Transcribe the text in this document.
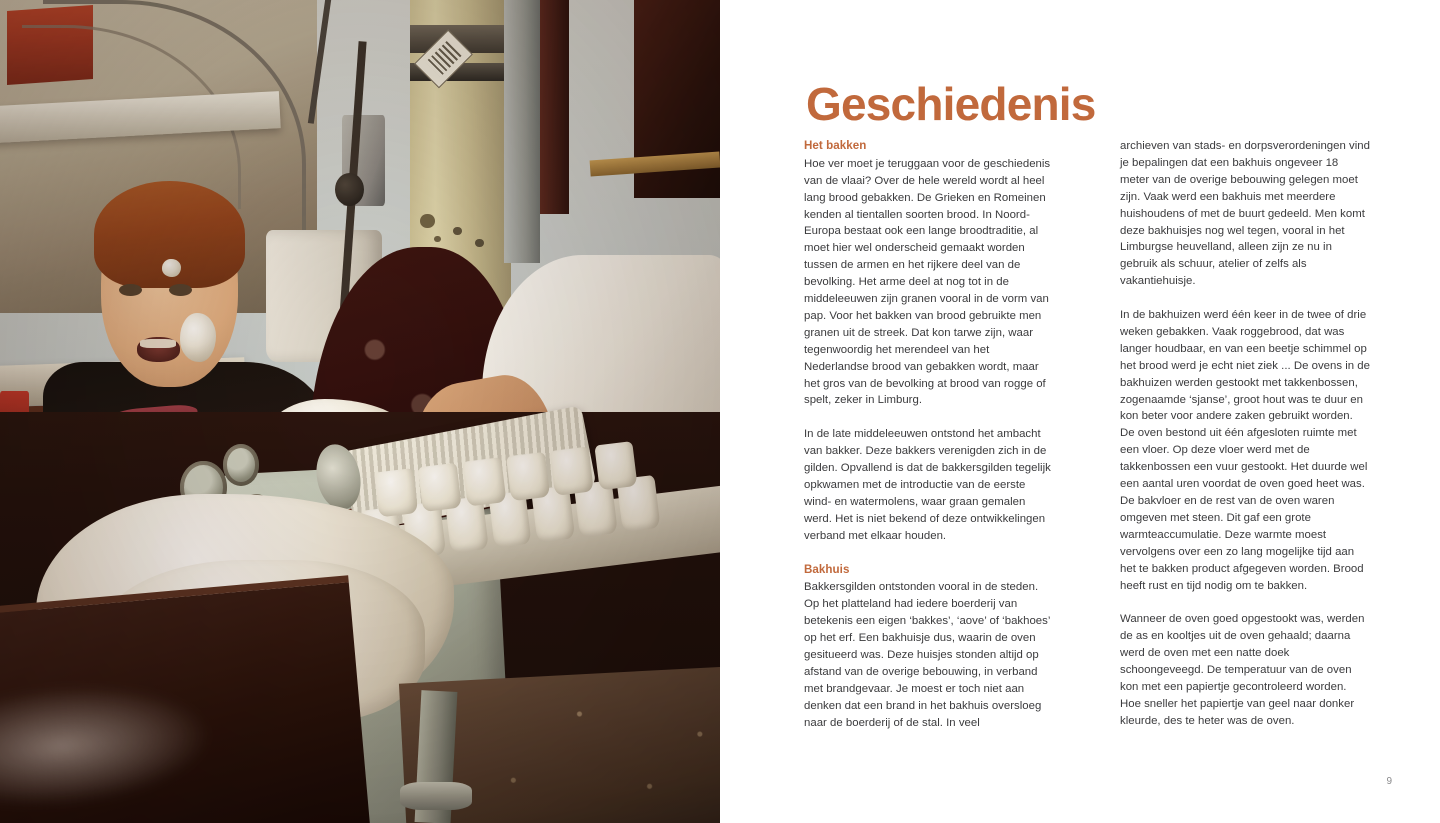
Geschiedenis
Het bakken

Hoe ver moet je teruggaan voor de geschiedenis van de vlaai? Over de hele wereld wordt al heel lang brood gebakken. De Grieken en Romeinen kenden al tientallen soorten brood. In Noord-Europa bestaat ook een lange broodtraditie, al moet hier wel onderscheid gemaakt worden tussen de armen en het rijkere deel van de bevolking. Het arme deel at nog tot in de middeleeuwen zijn granen vooral in de vorm van pap. Voor het bakken van brood gebruikte men granen uit de streek. Dat kon tarwe zijn, waar tegenwoordig het merendeel van het Nederlandse brood van gebakken wordt, maar het gros van de bevolking at brood van rogge of spelt, zeker in Limburg.

In de late middeleeuwen ontstond het ambacht van bakker. Deze bakkers verenigden zich in de gilden. Opvallend is dat de bakkersgilden tegelijk opkwamen met de introductie van de eerste wind- en watermolens, waar graan gemalen werd. Het is niet bekend of deze ontwikkelingen verband met elkaar houden.

Bakhuis

Bakkersgilden ontstonden vooral in de steden. Op het platteland had iedere boerderij van betekenis een eigen ‘bakkes’, ‘aove’ of ‘bakhoes’ op het erf. Een bakhuisje dus, waarin de oven gesitueerd was. Deze huisjes stonden altijd op afstand van de overige bebouwing, in verband met brandgevaar. Je moest er toch niet aan denken dat een brand in het bakhuis oversloeg naar de boerderij of de stal. In veel

archieven van stads- en dorpsverordeningen vind je bepalingen dat een bakhuis ongeveer 18 meter van de overige bebouwing gelegen moet zijn. Vaak werd een bakhuis met meerdere huishoudens of met de buurt gedeeld. Men komt deze bakhuisjes nog wel tegen, vooral in het Limburgse heuvelland, alleen zijn ze nu in gebruik als schuur, atelier of zelfs als vakantiehuisje.

In de bakhuizen werd één keer in de twee of drie weken gebakken. Vaak roggebrood, dat was langer houdbaar, en van een beetje schimmel op het brood werd je echt niet ziek ... De ovens in de bakhuizen werden gestookt met takkenbossen, zogenaamde ‘sjanse’, groot hout was te duur en kon beter voor andere zaken gebruikt worden. De oven bestond uit één afgesloten ruimte met een vloer. Op deze vloer werd met de takkenbossen een vuur gestookt. Het duurde wel een aantal uren voordat de oven goed heet was. De bakvloer en de rest van de oven waren omgeven met steen. Dit gaf een grote warmteaccumulatie. Deze warmte moest vervolgens over een zo lang mogelijke tijd aan het te bakken product afgegeven worden. Brood heeft rust en tijd nodig om te bakken.

Wanneer de oven goed opgestookt was, werden de as en kooltjes uit de oven gehaald; daarna werd de oven met een natte doek schoongeveegd. De temperatuur van de oven kon met een papiertje gecontroleerd worden. Hoe sneller het papiertje van geel naar donker kleurde, des te heter was de oven.

9
